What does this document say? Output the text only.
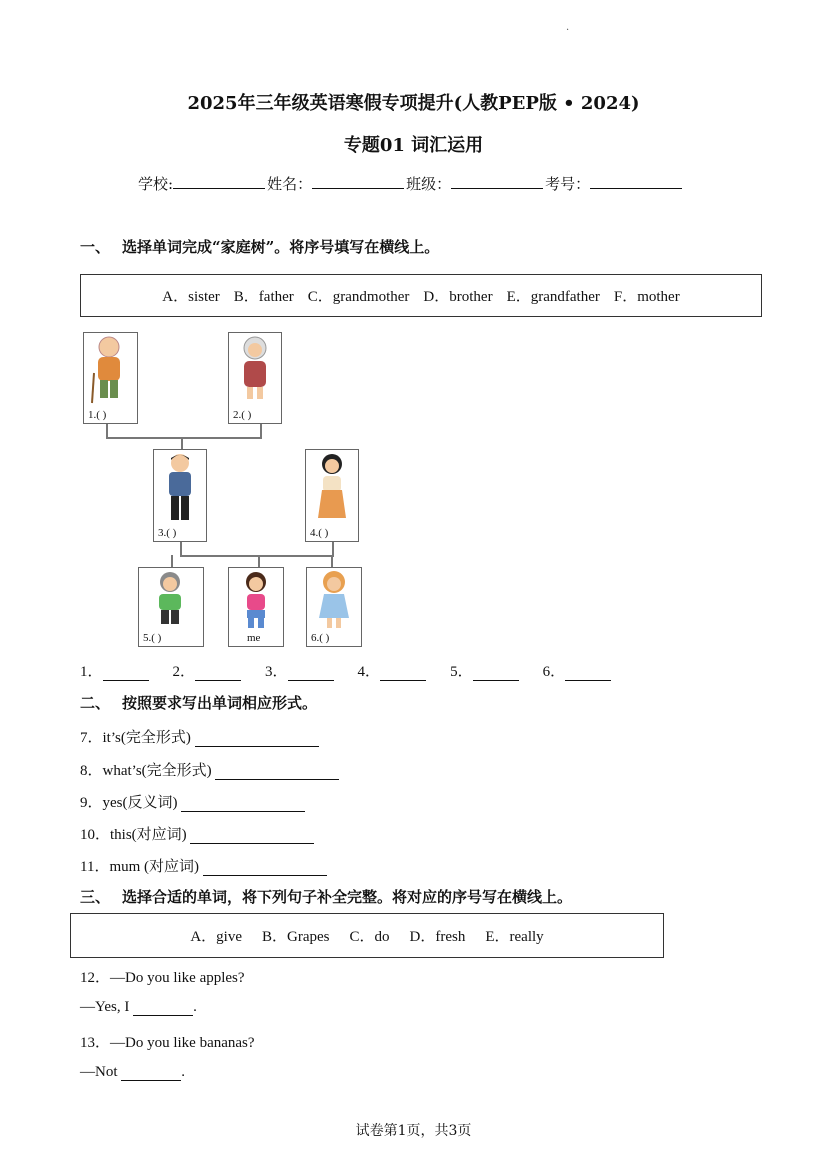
.
2025年三年级英语寒假专项提升(人教PEP版 • 2024)
专题01 词汇运用
学校:	姓名：	班级：	考号：
一、 选择单词完成“家庭树”。将序号填写在横线上。
A．sister B．father C．grandmother D．brother E．grandfather F．mother
1.( )	2.( )
3.( )	4.( )
5.( )	me	6.( )
1．	2．	3．	4．	5．	6．
二、 按照要求写出单词相应形式。
7．it’s(完全形式)
8．what’s(完全形式)
9．yes(反义词)
10．this(对应词)
11．mum (对应词)
三、 选择合适的单词，将下列句子补全完整。将对应的序号写在横线上。
A．give B．Grapes C．do D．fresh E．really
12．—Do you like apples?
—Yes, I	.
13．—Do you like bananas?
—Not	.
试卷第1页，共3页
